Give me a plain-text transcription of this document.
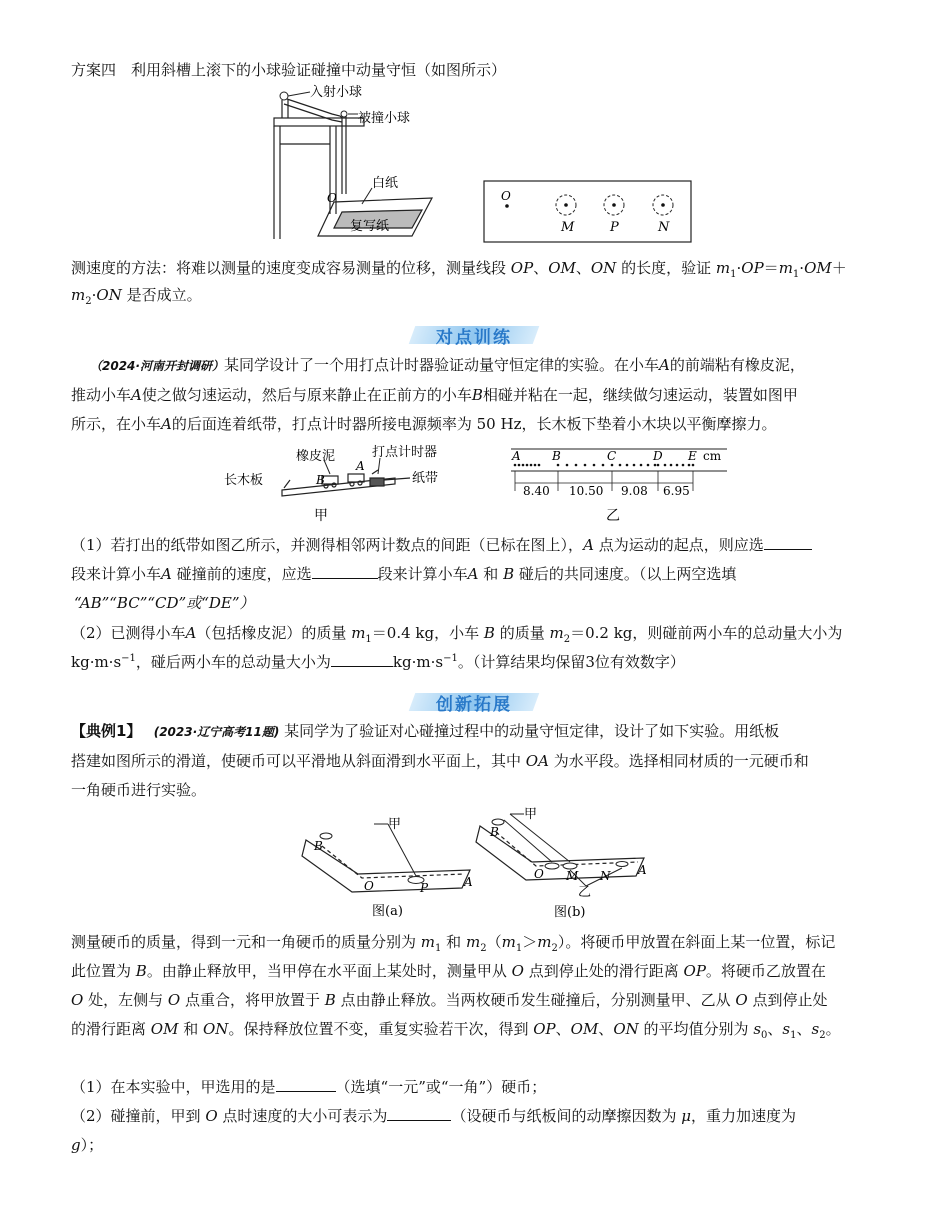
方案四　利用斜槽上滚下的小球验证碰撞中动量守恒（如图所示）
入射小球
被撞小球
白纸
复写纸
O	O
M	P	N
测速度的方法：将难以测量的速度变成容易测量的位移，测量线段 OP、OM、ON 的长度，验证 $m_1\cdot OP=m_1\cdot OM+$
$m_2\cdot ON$ 是否成立。
对点训练
（2024·河南开封调研）某同学设计了一个用打点计时器验证动量守恒定律的实验。在小车A的前端粘有橡皮泥，
推动小车A使之做匀速运动，然后与原来静止在正前方的小车B相碰并粘在一起，继续做匀速运动，装置如图甲
所示，在小车A的后面连着纸带，打点计时器所接电源频率为 50 Hz，长木板下垫着小木块以平衡摩擦力。
橡皮泥	打点计时器
长木板	纸带
A
B
甲
A	B	C	D E cm
8.40 10.50 9.08 6.95
乙
（1）若打出的纸带如图乙所示，并测得相邻两计数点的间距（已标在图上），A 点为运动的起点，则应选
段来计算小车A 碰撞前的速度，应选	段来计算小车A 和 B 碰后的共同速度。（以上两空选填
“AB”“BC”“CD”或“DE”）
（2）已测得小车A（包括橡皮泥）的质量 $m_1=0.4$ kg，小车 B 的质量 $m_2=0.2$ kg，则碰前两小车的总动量大小为
$kg\cdot m\cdot s^{-1}$，碰后两小车的总动量大小为	$kg\cdot m\cdot s^{-1}$。（计算结果均保留3位有效数字）
创新拓展
【典例1】　 (2023·辽宁高考11题) 某同学为了验证对心碰撞过程中的动量守恒定律，设计了如下实验。用纸板
搭建如图所示的滑道，使硬币可以平滑地从斜面滑到水平面上，其中 OA 为水平段。选择相同材质的一元硬币和
一角硬币进行实验。
甲
B
O	P	A
图(a)
甲
B
O M N A
乙
图(b)
测量硬币的质量，得到一元和一角硬币的质量分别为 $m_1$ 和 $m_2(m_1>m_2)$。将硬币甲放置在斜面上某一位置，标记
此位置为 B。由静止释放甲，当甲停在水平面上某处时，测量甲从 O 点到停止处的滑行距离 OP。将硬币乙放置在
O 处，左侧与 O 点重合，将甲放置于 B 点由静止释放。当两枚硬币发生碰撞后，分别测量甲、乙从 O 点到停止处
的滑行距离 OM 和 ON。保持释放位置不变，重复实验若干次，得到 OP、OM、ON 的平均值分别为 $s_0$、$s_1$、$s_2$。
（1）在本实验中，甲选用的是	（选填“一元”或“一角”）硬币；
（2）碰撞前，甲到 O 点时速度的大小可表示为	（设硬币与纸板间的动摩擦因数为 μ，重力加速度为
g）；
